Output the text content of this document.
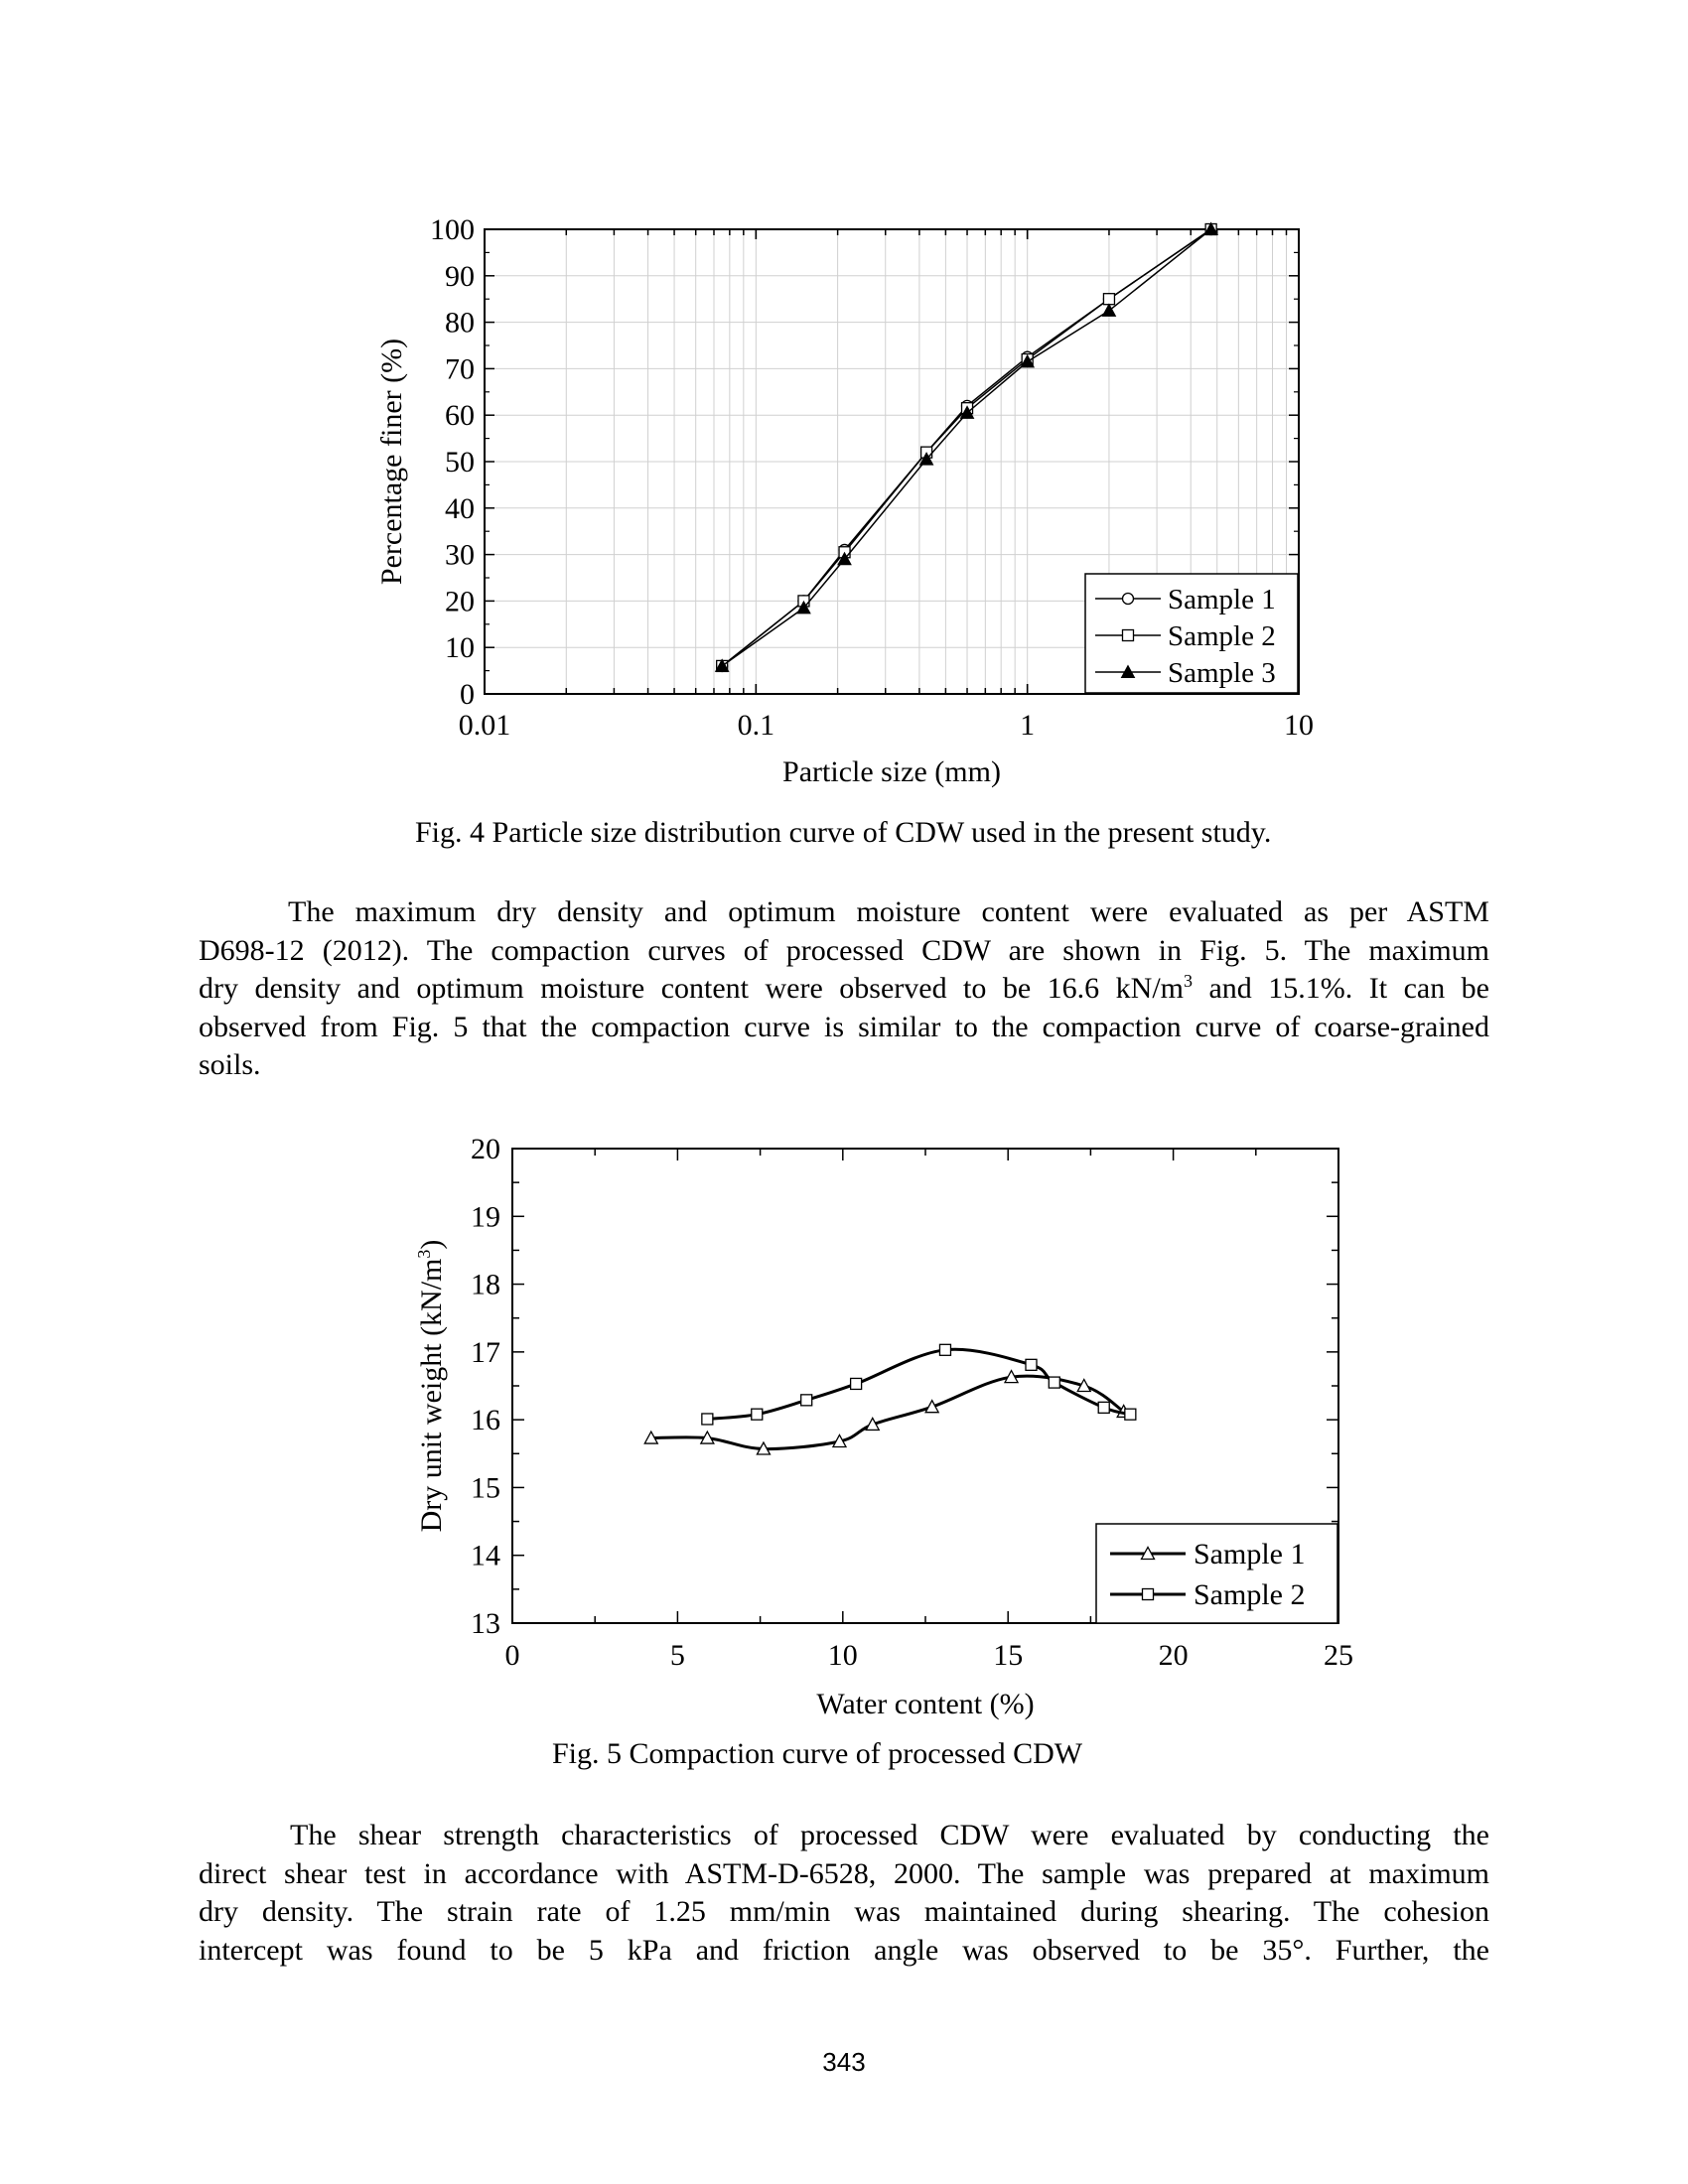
0.01	0.1	1	10
0
10
20
30
40
50
60
70
80
90
100
Particle size (mm)
Percentage finer (%)
Sample 1
Sample 2
Sample 3

Fig. 4 Particle size distribution curve of CDW used in the present study.

The maximum dry density and optimum moisture content were evaluated as per ASTM
D698-12 (2012). The compaction curves of processed CDW are shown in Fig. 5. The maximum
dry density and optimum moisture content were observed to be 16.6 $kN/m^3$ and 15.1%. It can be
observed from Fig. 5 that the compaction curve is similar to the compaction curve of coarse-grained
soils.
0	5	10	15	20	25
13
14
15
16
17
18
19
20
Water content (%)
Dry unit weight $(kN/m^3)$
Sample 1
Sample 2

Fig. 5 Compaction curve of processed CDW

The shear strength characteristics of processed CDW were evaluated by conducting the
direct shear test in accordance with ASTM-D-6528, 2000. The sample was prepared at maximum
dry density. The strain rate of 1.25 mm/min was maintained during shearing. The cohesion
intercept was found to be 5 kPa and friction angle was observed to be 35°. Further, the
343
